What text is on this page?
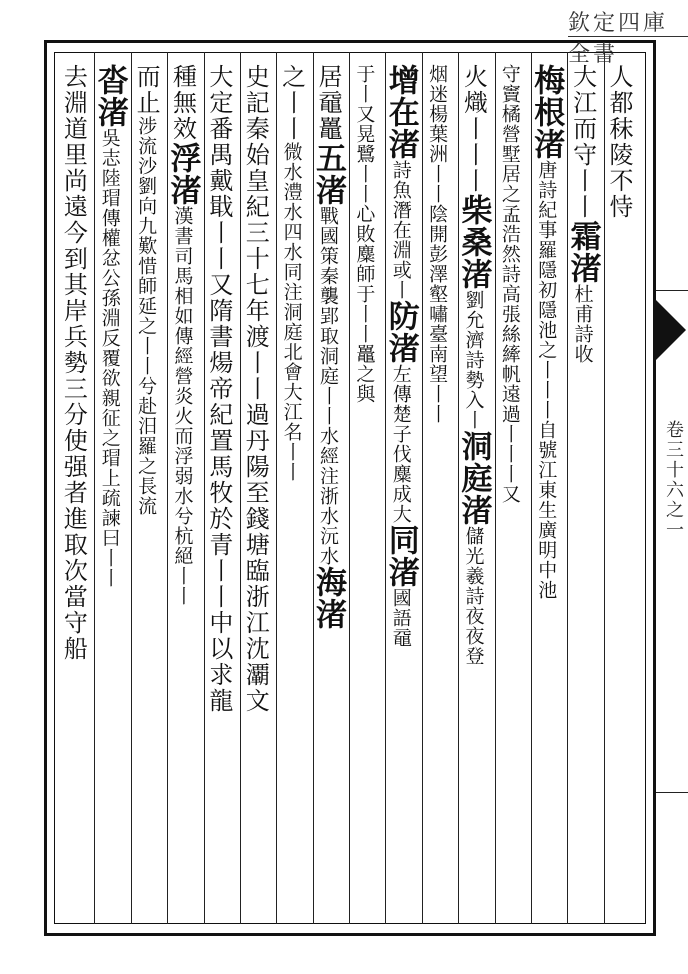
欽定四庫全書
卷三十六之一
人都秣陵不恃
大江而守丨丨霜渚杜甫詩收
梅根渚唐詩紀事羅隱初隱池之丨丨丨自號江東生廣明中池
守竇橘營墅居之孟浩然詩高張絲縴帆遠過丨丨丨又
火熾丨丨丨柴桑渚劉允濟詩勢入丨洞庭渚儲光羲詩夜夜登
烟迷楊葉洲丨丨陰開彭澤壑嘯臺南望丨丨
增在渚詩魚潛在淵或丨防渚左傳楚子伐麋成大同渚國語黿
于丨又晃鷺丨丨心敗麋師于丨丨鼉之與
居黿鼉五渚戰國策秦襲郢取洞庭丨丨水經注浙水沅水海渚
之丨丨微水澧水四水同注洞庭北會大江名丨丨
史記秦始皇紀三十七年渡丨丨過丹陽至錢塘臨浙江沈㶚文
大定番禺戴戢丨丨又隋書煬帝紀置馬牧於青丨丨中以求龍
種無效浮渚漢書司馬相如傳經營炎火而浮弱水兮杭絕丨丨
而止涉流沙劉向九歎惜師延之丨丨兮赴汨羅之長流
沓渚吳志陸瑁傳權忿公孫淵反覆欲親征之瑁上疏諫曰丨丨
去淵道里尚遠今到其岸兵勢三分使强者進取次當守船
